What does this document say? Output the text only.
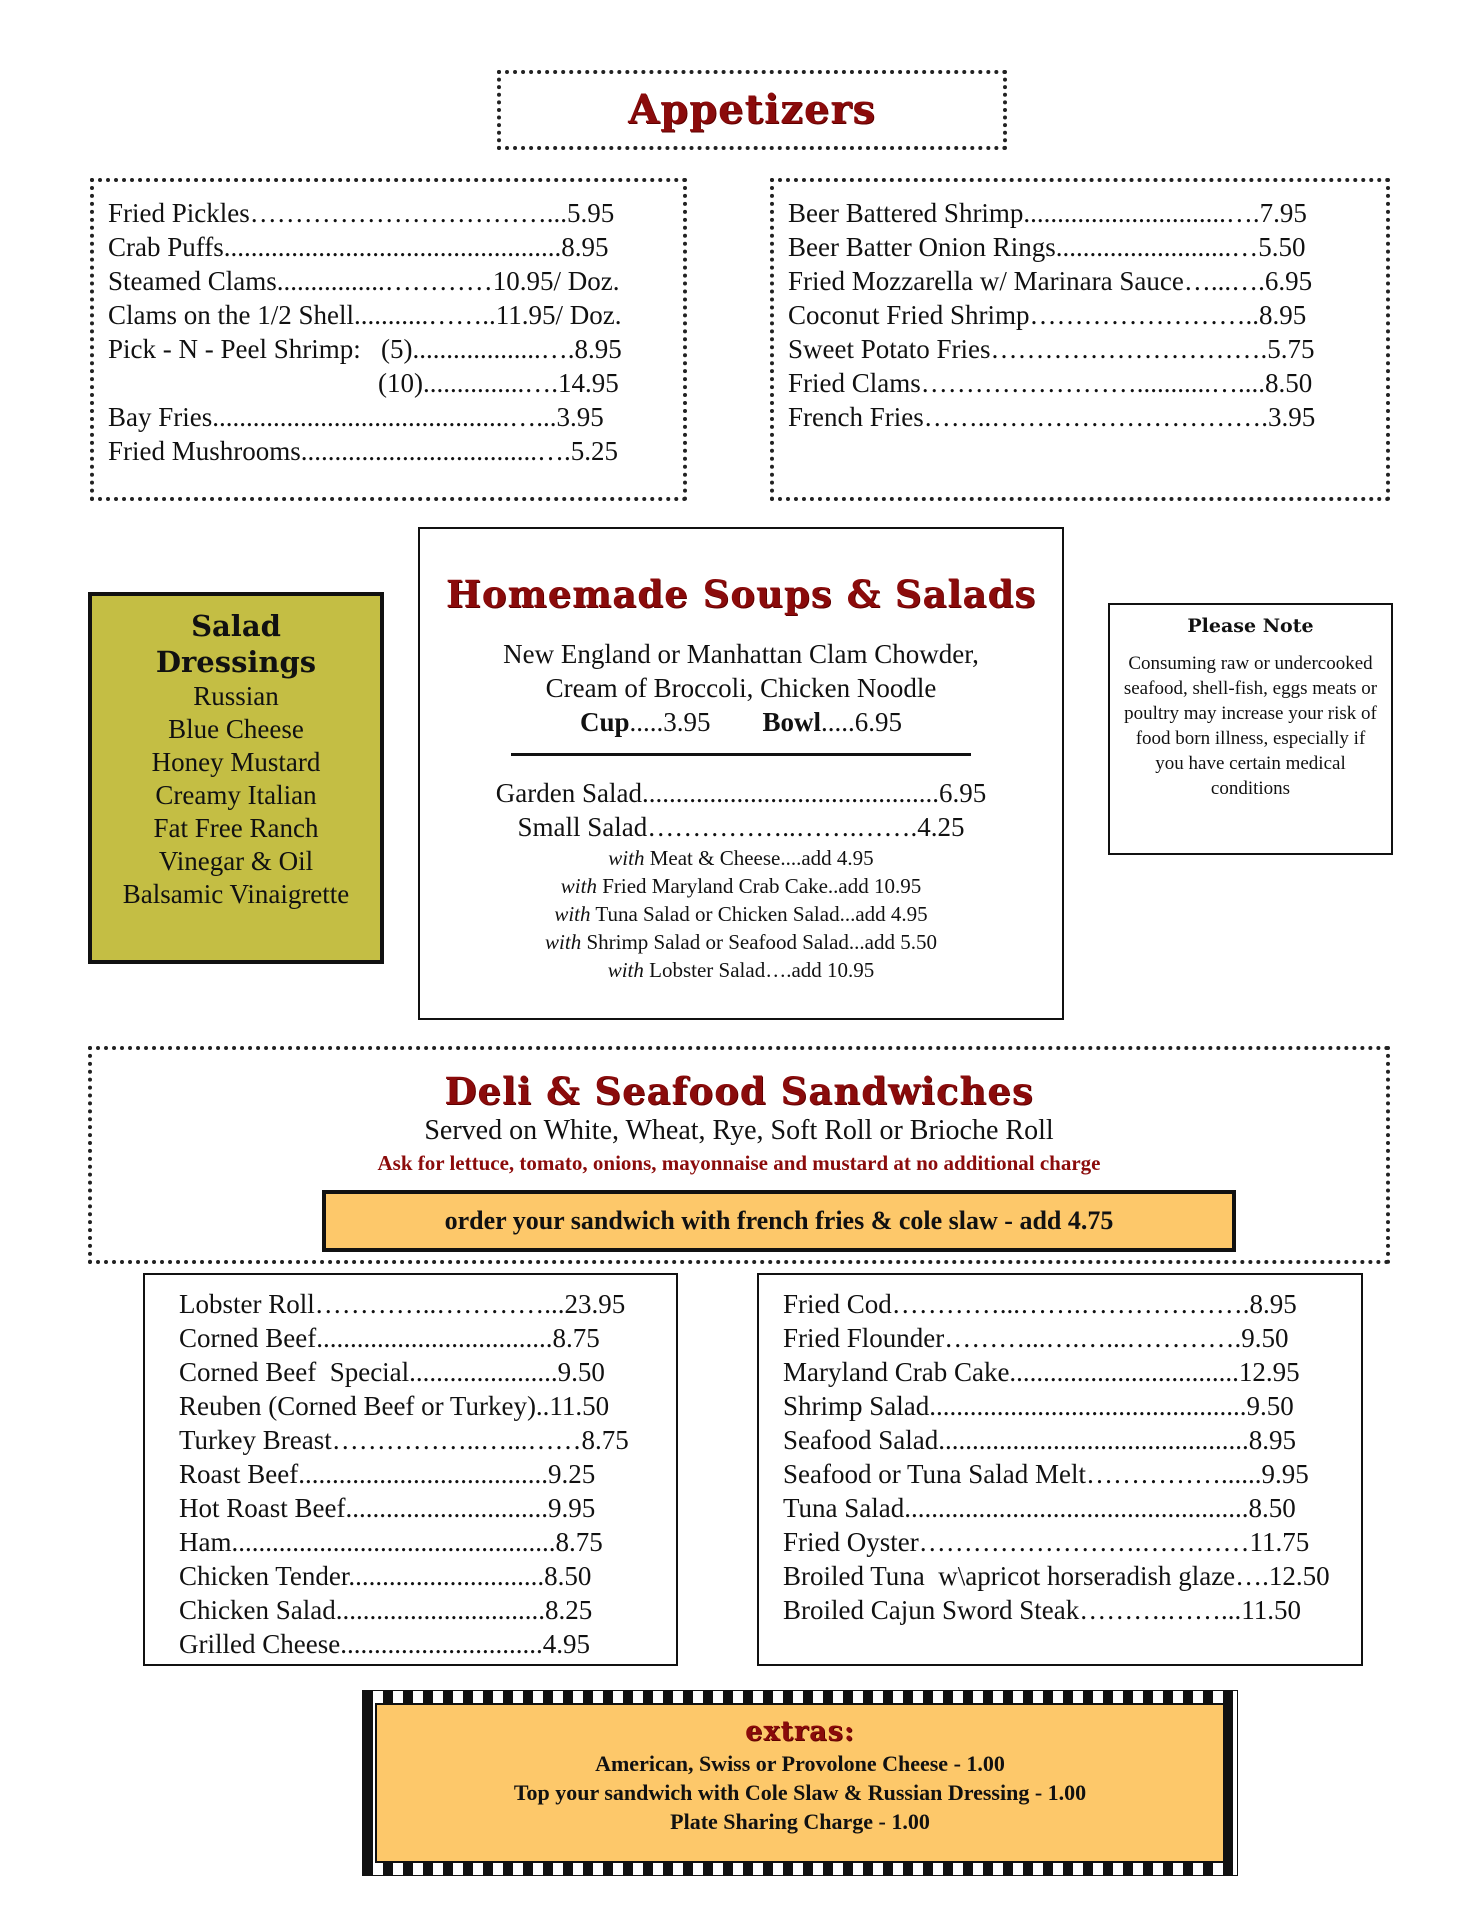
Appetizers
Fried Pickles……………………………...5.95
Crab Puffs..................................................8.95
Steamed Clams................…………10.95/ Doz.
Clams on the 1/2 Shell...........……..11.95/ Doz.
Pick - N - Peel Shrimp:   (5)...................….8.95
(10)...............….14.95
Bay Fries............................................…...3.95
Fried Mushrooms...................................….5.25
Beer Battered Shrimp..............................….7.95
Beer Batter Onion Rings..........................…5.50
Fried Mozzarella w/ Marinara Sauce…...….6.95
Coconut Fried Shrimp……………………..8.95
Sweet Potato Fries………………………….5.75
Fried Clams……………………...........…....8.50
French Fries……..………………………….3.95
Salad
Dressings
Russian
Blue Cheese
Honey Mustard
Creamy Italian
Fat Free Ranch
Vinegar & Oil
Balsamic Vinaigrette
Homemade Soups & Salads
New England or Manhattan Clam Chowder,
Cream of Broccoli, Chicken Noodle
Cup.....3.95 Bowl.....6.95
Garden Salad............................................6.95
Small Salad……………..…….…….4.25
with Meat & Cheese....add 4.95
with Fried Maryland Crab Cake..add 10.95
with Tuna Salad or Chicken Salad...add 4.95
with Shrimp Salad or Seafood Salad...add 5.50
with Lobster Salad….add 10.95
Please Note
Consuming raw or undercooked seafood, shell-fish, eggs meats or poultry may increase your risk of food born illness, especially if you have certain medical conditions
Deli & Seafood Sandwiches
Served on White, Wheat, Rye, Soft Roll or Brioche Roll
Ask for lettuce, tomato, onions, mayonnaise and mustard at no additional charge
order your sandwich with french fries & cole slaw - add 4.75
Lobster Roll…………..…………...23.95
Corned Beef...................................8.75
Corned Beef  Special......................9.50
Reuben (Corned Beef or Turkey)..11.50
Turkey Breast……………..…...……8.75
Roast Beef.....................................9.25
Hot Roast Beef..............................9.95
Ham................................................8.75
Chicken Tender.............................8.50
Chicken Salad...............................8.25
Grilled Cheese..............................4.95
Fried Cod…………...…….……………….8.95
Fried Flounder………...….…...………….9.50
Maryland Crab Cake..................................12.95
Shrimp Salad...............................................9.50
Seafood Salad..............................................8.95
Seafood or Tuna Salad Melt……………......9.95
Tuna Salad...................................................8.50
Fried Oyster…………………….…………11.75
Broiled Tuna  w\apricot horseradish glaze….12.50
Broiled Cajun Sword Steak……….……...11.50
extras:
American, Swiss or Provolone Cheese - 1.00
Top your sandwich with Cole Slaw & Russian Dressing - 1.00
Plate Sharing Charge - 1.00
